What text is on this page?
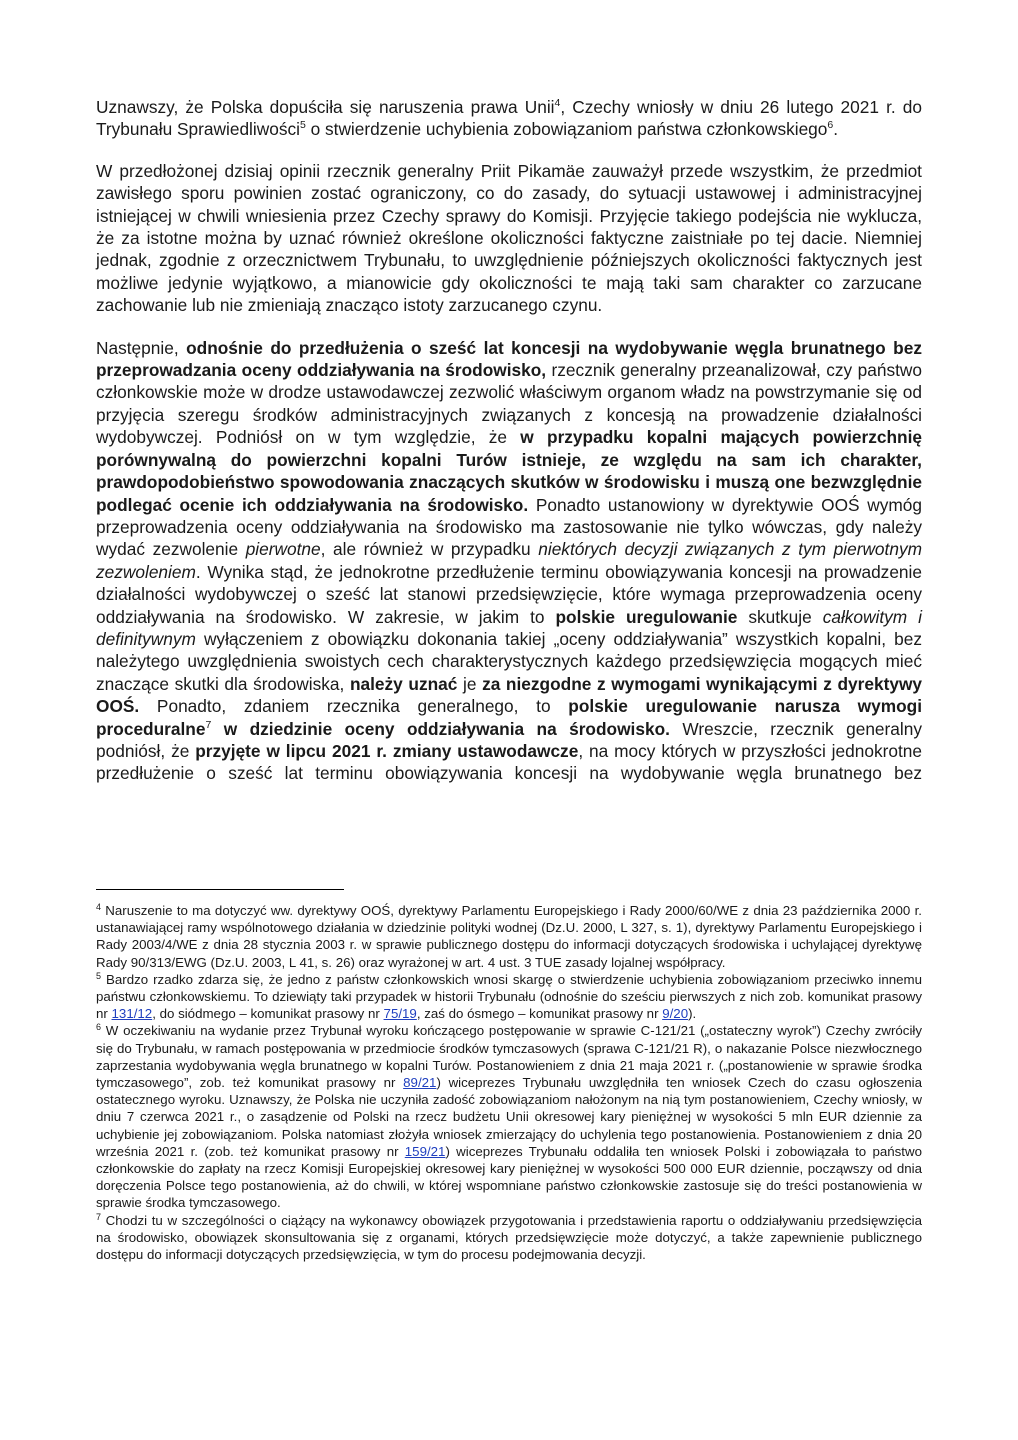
Uznawszy, że Polska dopuściła się naruszenia prawa Unii$^4$, Czechy wniosły w dniu 26 lutego 2021 r. do Trybunału Sprawiedliwości$^5$ o stwierdzenie uchybienia zobowiązaniom państwa członkowskiego$^6$.

W przedłożonej dzisiaj opinii rzecznik generalny Priit Pikamäe zauważył przede wszystkim, że przedmiot zawisłego sporu powinien zostać ograniczony, co do zasady, do sytuacji ustawowej i administracyjnej istniejącej w chwili wniesienia przez Czechy sprawy do Komisji. Przyjęcie takiego podejścia nie wyklucza, że za istotne można by uznać również określone okoliczności faktyczne zaistniałe po tej dacie. Niemniej jednak, zgodnie z orzecznictwem Trybunału, to uwzględnienie późniejszych okoliczności faktycznych jest możliwe jedynie wyjątkowo, a mianowicie gdy okoliczności te mają taki sam charakter co zarzucane zachowanie lub nie zmieniają znacząco istoty zarzucanego czynu.

Następnie, odnośnie do przedłużenia o sześć lat koncesji na wydobywanie węgla brunatnego bez przeprowadzania oceny oddziaływania na środowisko, rzecznik generalny przeanalizował, czy państwo członkowskie może w drodze ustawodawczej zezwolić właściwym organom władz na powstrzymanie się od przyjęcia szeregu środków administracyjnych związanych z koncesją na prowadzenie działalności wydobywczej. Podniósł on w tym względzie, że w przypadku kopalni mających powierzchnię porównywalną do powierzchni kopalni Turów istnieje, ze względu na sam ich charakter, prawdopodobieństwo spowodowania znaczących skutków w środowisku i muszą one bezwzględnie podlegać ocenie ich oddziaływania na środowisko. Ponadto ustanowiony w dyrektywie OOŚ wymóg przeprowadzenia oceny oddziaływania na środowisko ma zastosowanie nie tylko wówczas, gdy należy wydać zezwolenie pierwotne, ale również w przypadku niektórych decyzji związanych z tym pierwotnym zezwoleniem. Wynika stąd, że jednokrotne przedłużenie terminu obowiązywania koncesji na prowadzenie działalności wydobywczej o sześć lat stanowi przedsięwzięcie, które wymaga przeprowadzenia oceny oddziaływania na środowisko. W zakresie, w jakim to polskie uregulowanie skutkuje całkowitym i definitywnym wyłączeniem z obowiązku dokonania takiej „oceny oddziaływania” wszystkich kopalni, bez należytego uwzględnienia swoistych cech charakterystycznych każdego przedsięwzięcia mogących mieć znaczące skutki dla środowiska, należy uznać je za niezgodne z wymogami wynikającymi z dyrektywy OOŚ. Ponadto, zdaniem rzecznika generalnego, to polskie uregulowanie narusza wymogi proceduralne$^7$ w dziedzinie oceny oddziaływania na środowisko. Wreszcie, rzecznik generalny podniósł, że przyjęte w lipcu 2021 r. zmiany ustawodawcze, na mocy których w przyszłości jednokrotne przedłużenie o sześć lat terminu obowiązywania koncesji na wydobywanie węgla brunatnego bez

$^4$ Naruszenie to ma dotyczyć ww. dyrektywy OOŚ, dyrektywy Parlamentu Europejskiego i Rady 2000/60/WE z dnia 23 października 2000 r. ustanawiającej ramy wspólnotowego działania w dziedzinie polityki wodnej (Dz.U. 2000, L 327, s. 1), dyrektywy Parlamentu Europejskiego i Rady 2003/4/WE z dnia 28 stycznia 2003 r. w sprawie publicznego dostępu do informacji dotyczących środowiska i uchylającej dyrektywę Rady 90/313/EWG (Dz.U. 2003, L 41, s. 26) oraz wyrażonej w art. 4 ust. 3 TUE zasady lojalnej współpracy.

$^5$ Bardzo rzadko zdarza się, że jedno z państw członkowskich wnosi skargę o stwierdzenie uchybienia zobowiązaniom przeciwko innemu państwu członkowskiemu. To dziewiąty taki przypadek w historii Trybunału (odnośnie do sześciu pierwszych z nich zob. komunikat prasowy nr 131/12, do siódmego – komunikat prasowy nr 75/19, zaś do ósmego – komunikat prasowy nr 9/20).

$^6$ W oczekiwaniu na wydanie przez Trybunał wyroku kończącego postępowanie w sprawie C-121/21 („ostateczny wyrok”) Czechy zwróciły się do Trybunału, w ramach postępowania w przedmiocie środków tymczasowych (sprawa C-121/21 R), o nakazanie Polsce niezwłocznego zaprzestania wydobywania węgla brunatnego w kopalni Turów. Postanowieniem z dnia 21 maja 2021 r. („postanowienie w sprawie środka tymczasowego”, zob. też komunikat prasowy nr 89/21) wiceprezes Trybunału uwzględniła ten wniosek Czech do czasu ogłoszenia ostatecznego wyroku. Uznawszy, że Polska nie uczyniła zadość zobowiązaniom nałożonym na nią tym postanowieniem, Czechy wniosły, w dniu 7 czerwca 2021 r., o zasądzenie od Polski na rzecz budżetu Unii okresowej kary pieniężnej w wysokości 5 mln EUR dziennie za uchybienie jej zobowiązaniom. Polska natomiast złożyła wniosek zmierzający do uchylenia tego postanowienia. Postanowieniem z dnia 20 września 2021 r. (zob. też komunikat prasowy nr 159/21) wiceprezes Trybunału oddaliła ten wniosek Polski i zobowiązała to państwo członkowskie do zapłaty na rzecz Komisji Europejskiej okresowej kary pieniężnej w wysokości 500 000 EUR dziennie, począwszy od dnia doręczenia Polsce tego postanowienia, aż do chwili, w której wspomniane państwo członkowskie zastosuje się do treści postanowienia w sprawie środka tymczasowego.

$^7$ Chodzi tu w szczególności o ciążący na wykonawcy obowiązek przygotowania i przedstawienia raportu o oddziaływaniu przedsięwzięcia na środowisko, obowiązek skonsultowania się z organami, których przedsięwzięcie może dotyczyć, a także zapewnienie publicznego dostępu do informacji dotyczących przedsięwzięcia, w tym do procesu podejmowania decyzji.
